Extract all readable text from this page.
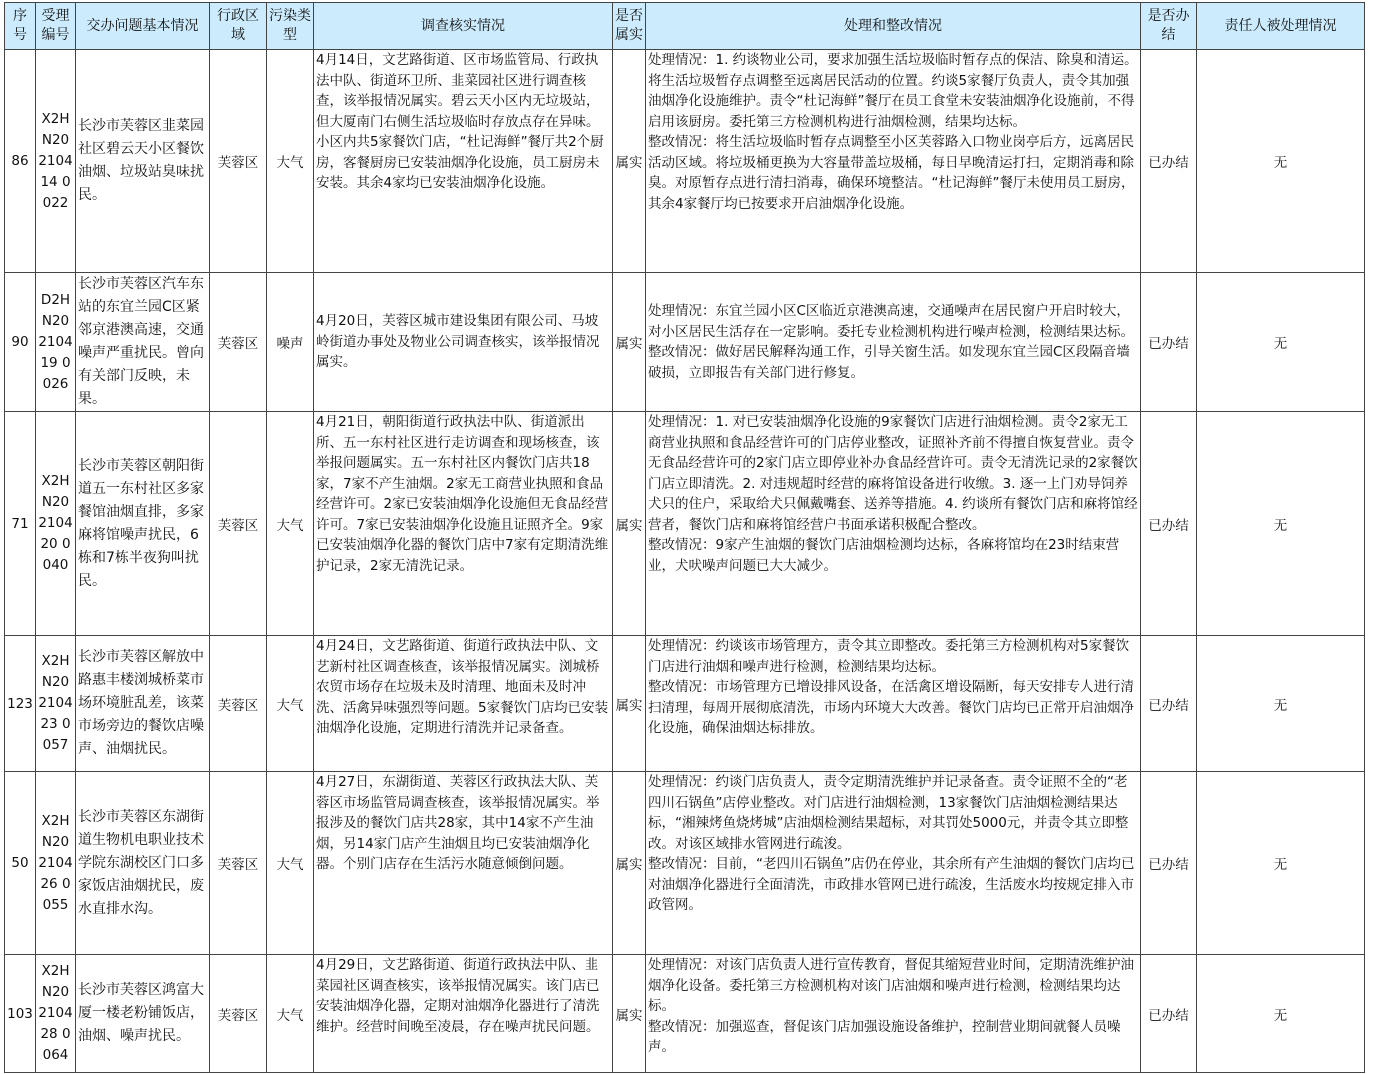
序号	受理编号	交办问题基本情况	行政区域	污染类型	调查核实情况	是否属实	处理和整改情况	是否办结	责任人被处理情况
86	X2HN20210414 0022	长沙市芙蓉区韭菜园社区碧云天小区餐饮油烟、垃圾站臭味扰民。	芙蓉区	大气	4月14日，文艺路街道、区市场监管局、行政执法中队、街道环卫所、韭菜园社区进行调查核查，该举报情况属实。碧云天小区内无垃圾站，但大厦南门右侧生活垃圾临时存放点存在异味。小区内共5家餐饮门店，“杜记海鲜”餐厅共2个厨房，客餐厨房已安装油烟净化设施，员工厨房未安装。其余4家均已安装油烟净化设施。	属实	处理情况：1. 约谈物业公司，要求加强生活垃圾临时暂存点的保洁、除臭和清运。将生活垃圾暂存点调整至远离居民活动的位置。约谈5家餐厅负责人，责令其加强油烟净化设施维护。责令“杜记海鲜”餐厅在员工食堂未安装油烟净化设施前，不得启用该厨房。委托第三方检测机构进行油烟检测，结果均达标。
整改情况：将生活垃圾临时暂存点调整至小区芙蓉路入口物业岗亭后方，远离居民活动区域。将垃圾桶更换为大容量带盖垃圾桶，每日早晚清运打扫，定期消毒和除臭。对原暂存点进行清扫消毒，确保环境整洁。“杜记海鲜”餐厅未使用员工厨房，其余4家餐厅均已按要求开启油烟净化设施。	已办结	无
90	D2HN20210419 0026	长沙市芙蓉区汽车东站的东宜兰园C区紧邻京港澳高速，交通噪声严重扰民。曾向有关部门反映，未果。	芙蓉区	噪声	4月20日，芙蓉区城市建设集团有限公司、马坡岭街道办事处及物业公司调查核实，该举报情况属实。	属实	处理情况：东宜兰园小区C区临近京港澳高速，交通噪声在居民窗户开启时较大，对小区居民生活存在一定影响。委托专业检测机构进行噪声检测，检测结果达标。
整改情况：做好居民解释沟通工作，引导关窗生活。如发现东宜兰园C区段隔音墙破损，立即报告有关部门进行修复。	已办结	无
71	X2HN20210420 0040	长沙市芙蓉区朝阳街道五一东村社区多家餐馆油烟直排，多家麻将馆噪声扰民，6栋和7栋半夜狗叫扰民。	芙蓉区	大气	4月21日，朝阳街道行政执法中队、街道派出所、五一东村社区进行走访调查和现场核查，该举报问题属实。五一东村社区内餐饮门店共18家，7家不产生油烟。2家无工商营业执照和食品经营许可。2家已安装油烟净化设施但无食品经营许可。7家已安装油烟净化设施且证照齐全。9家已安装油烟净化器的餐饮门店中7家有定期清洗维护记录，2家无清洗记录。	属实	处理情况：1. 对已安装油烟净化设施的9家餐饮门店进行油烟检测。责令2家无工商营业执照和食品经营许可的门店停业整改，证照补齐前不得擅自恢复营业。责令无食品经营许可的2家门店立即停业补办食品经营许可。责令无清洗记录的2家餐饮门店立即清洗。2. 对违规超时经营的麻将馆设备进行收缴。3. 逐一上门劝导饲养犬只的住户，采取给犬只佩戴嘴套、送养等措施。4. 约谈所有餐饮门店和麻将馆经营者，餐饮门店和麻将馆经营户书面承诺积极配合整改。
整改情况：9家产生油烟的餐饮门店油烟检测均达标，各麻将馆均在23时结束营业，犬吠噪声问题已大大减少。	已办结	无
123	X2HN20210423 0057	长沙市芙蓉区解放中路惠丰楼浏城桥菜市场环境脏乱差，该菜市场旁边的餐饮店噪声、油烟扰民。	芙蓉区	大气	4月24日，文艺路街道、街道行政执法中队、文艺新村社区调查核查，该举报情况属实。浏城桥农贸市场存在垃圾未及时清理、地面未及时冲洗、活禽异味强烈等问题。5家餐饮门店均已安装油烟净化设施，定期进行清洗并记录备查。	属实	处理情况：约谈该市场管理方，责令其立即整改。委托第三方检测机构对5家餐饮门店进行油烟和噪声进行检测，检测结果均达标。
整改情况：市场管理方已增设排风设备，在活禽区增设隔断，每天安排专人进行清扫清理，每周开展彻底清洗，市场内环境大大改善。餐饮门店均已正常开启油烟净化设施，确保油烟达标排放。	已办结	无
50	X2HN20210426 0055	长沙市芙蓉区东湖街道生物机电职业技术学院东湖校区门口多家饭店油烟扰民，废水直排水沟。	芙蓉区	大气	4月27日，东湖街道、芙蓉区行政执法大队、芙蓉区市场监管局调查核查，该举报情况属实。举报涉及的餐饮门店共28家，其中14家不产生油烟，另14家门店产生油烟且均已安装油烟净化器。个别门店存在生活污水随意倾倒问题。	属实	处理情况：约谈门店负责人，责令定期清洗维护并记录备查。责令证照不全的“老四川石锅鱼”店停业整改。对门店进行油烟检测，13家餐饮门店油烟检测结果达标，“湘辣烤鱼烧烤城”店油烟检测结果超标，对其罚处5000元，并责令其立即整改。对该区域排水管网进行疏浚。
整改情况：目前，“老四川石锅鱼”店仍在停业，其余所有产生油烟的餐饮门店均已对油烟净化器进行全面清洗，市政排水管网已进行疏浚，生活废水均按规定排入市政管网。	已办结	无
103	X2HN20210428 0064	长沙市芙蓉区鸿富大厦一楼老粉铺饭店，油烟、噪声扰民。	芙蓉区	大气	4月29日，文艺路街道、街道行政执法中队、韭菜园社区调查核实，该举报情况属实。该门店已安装油烟净化器，定期对油烟净化器进行了清洗维护。经营时间晚至凌晨，存在噪声扰民问题。	属实	处理情况：对该门店负责人进行宣传教育，督促其缩短营业时间，定期清洗维护油烟净化设备。委托第三方检测机构对该门店油烟和噪声进行检测，检测结果均达标。
整改情况：加强巡查，督促该门店加强设施设备维护，控制营业期间就餐人员噪声。	已办结	无
